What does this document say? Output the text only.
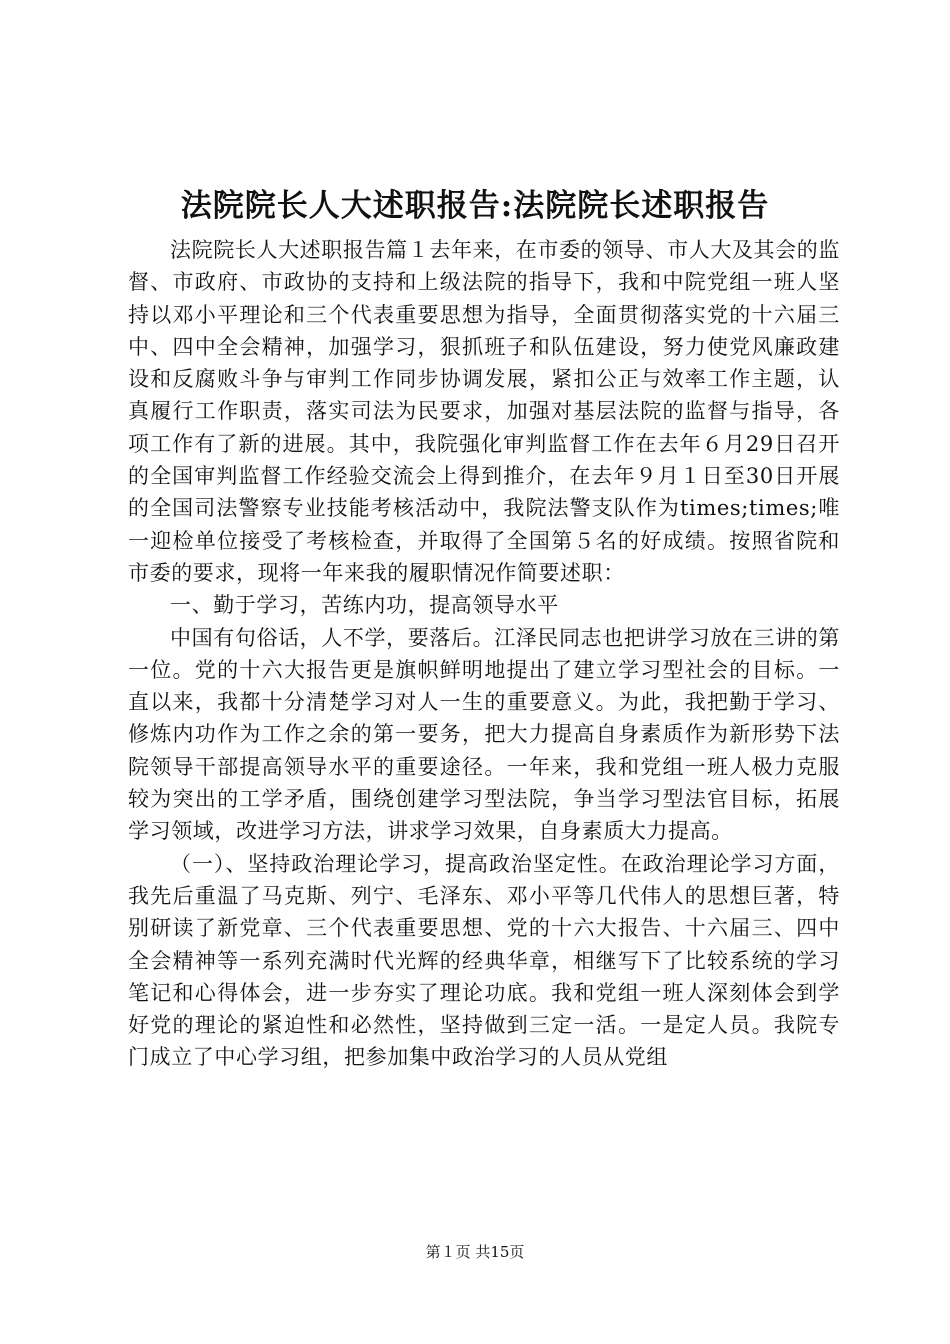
法院院长人大述职报告:法院院长述职报告

法院院长人大述职报告篇１去年来，在市委的领导、市人大及其会的监督、市政府、市政协的支持和上级法院的指导下，我和中院党组一班人坚持以邓小平理论和三个代表重要思想为指导，全面贯彻落实党的十六届三中、四中全会精神，加强学习，狠抓班子和队伍建设，努力使党风廉政建设和反腐败斗争与审判工作同步协调发展，紧扣公正与效率工作主题，认真履行工作职责，落实司法为民要求，加强对基层法院的监督与指导，各项工作有了新的进展。其中，我院强化审判监督工作在去年６月29日召开的全国审判监督工作经验交流会上得到推介，在去年９月１日至30日开展的全国司法警察专业技能考核活动中，我院法警支队作为times;times;唯一迎检单位接受了考核检查，并取得了全国第５名的好成绩。按照省院和市委的要求，现将一年来我的履职情况作简要述职：

一、勤于学习，苦练内功，提高领导水平

中国有句俗话，人不学，要落后。江泽民同志也把讲学习放在三讲的第一位。党的十六大报告更是旗帜鲜明地提出了建立学习型社会的目标。一直以来，我都十分清楚学习对人一生的重要意义。为此，我把勤于学习、修炼内功作为工作之余的第一要务，把大力提高自身素质作为新形势下法院领导干部提高领导水平的重要途径。一年来，我和党组一班人极力克服较为突出的工学矛盾，围绕创建学习型法院，争当学习型法官目标，拓展学习领域，改进学习方法，讲求学习效果，自身素质大力提高。

（一）、坚持政治理论学习，提高政治坚定性。在政治理论学习方面，我先后重温了马克斯、列宁、毛泽东、邓小平等几代伟人的思想巨著，特别研读了新党章、三个代表重要思想、党的十六大报告、十六届三、四中全会精神等一系列充满时代光辉的经典华章，相继写下了比较系统的学习笔记和心得体会，进一步夯实了理论功底。我和党组一班人深刻体会到学好党的理论的紧迫性和必然性，坚持做到三定一活。一是定人员。我院专门成立了中心学习组，把参加集中政治学习的人员从党组

第１页 共15页
